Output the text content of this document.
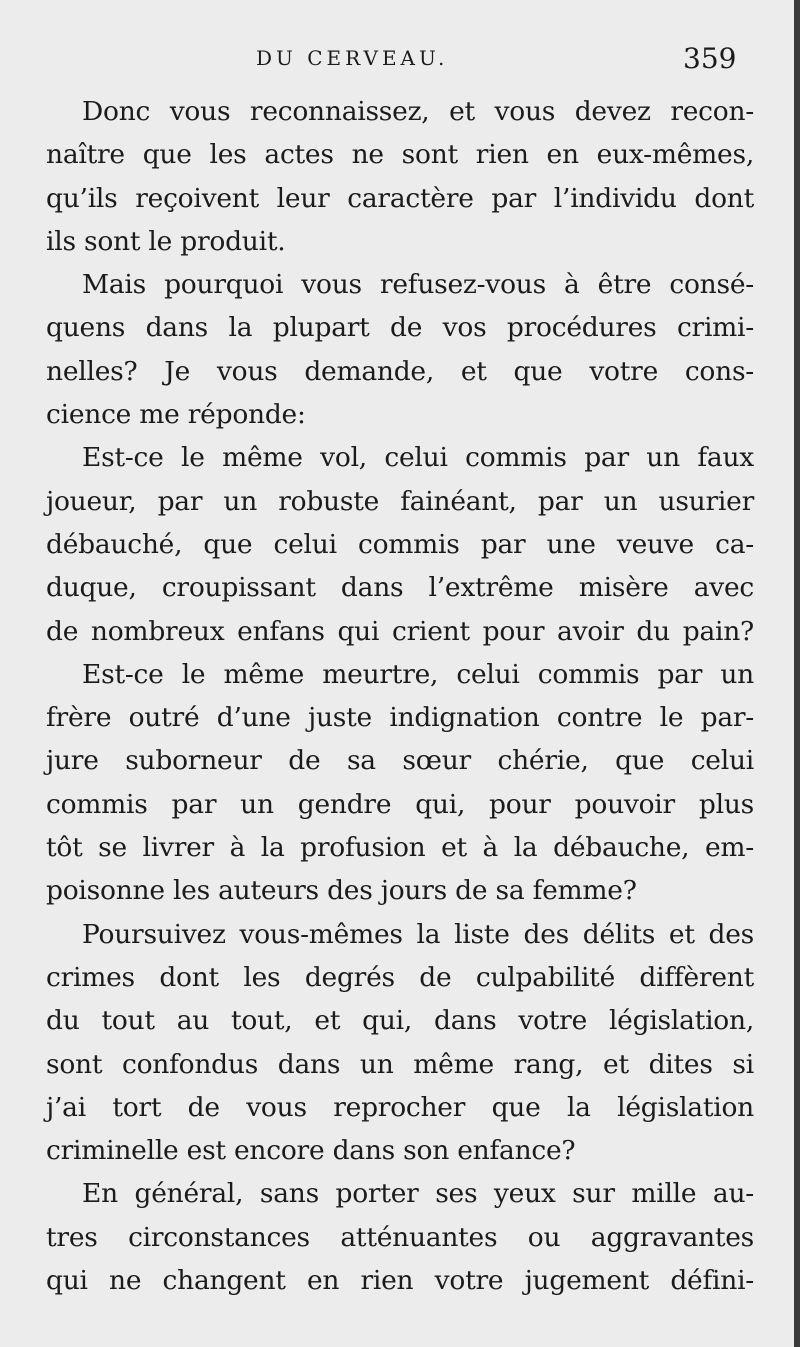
DU CERVEAU.	359
Donc vous reconnaissez, et vous devez recon-
naître que les actes ne sont rien en eux-mêmes,
qu’ils reçoivent leur caractère par l’individu dont
ils sont le produit.
Mais pourquoi vous refusez-vous à être consé-
quens dans la plupart de vos procédures crimi-
nelles? Je vous demande, et que votre cons-
cience me réponde:
Est-ce le même vol, celui commis par un faux
joueur, par un robuste fainéant, par un usurier
débauché, que celui commis par une veuve ca-
duque, croupissant dans l’extrême misère avec
de nombreux enfans qui crient pour avoir du pain?
Est-ce le même meurtre, celui commis par un
frère outré d’une juste indignation contre le par-
jure suborneur de sa sœur chérie, que celui
commis par un gendre qui, pour pouvoir plus
tôt se livrer à la profusion et à la débauche, em-
poisonne les auteurs des jours de sa femme?
Poursuivez vous-mêmes la liste des délits et des
crimes dont les degrés de culpabilité diffèrent
du tout au tout, et qui, dans votre législation,
sont confondus dans un même rang, et dites si
j’ai tort de vous reprocher que la législation
criminelle est encore dans son enfance?
En général, sans porter ses yeux sur mille au-
tres circonstances atténuantes ou aggravantes
qui ne changent en rien votre jugement défini-
